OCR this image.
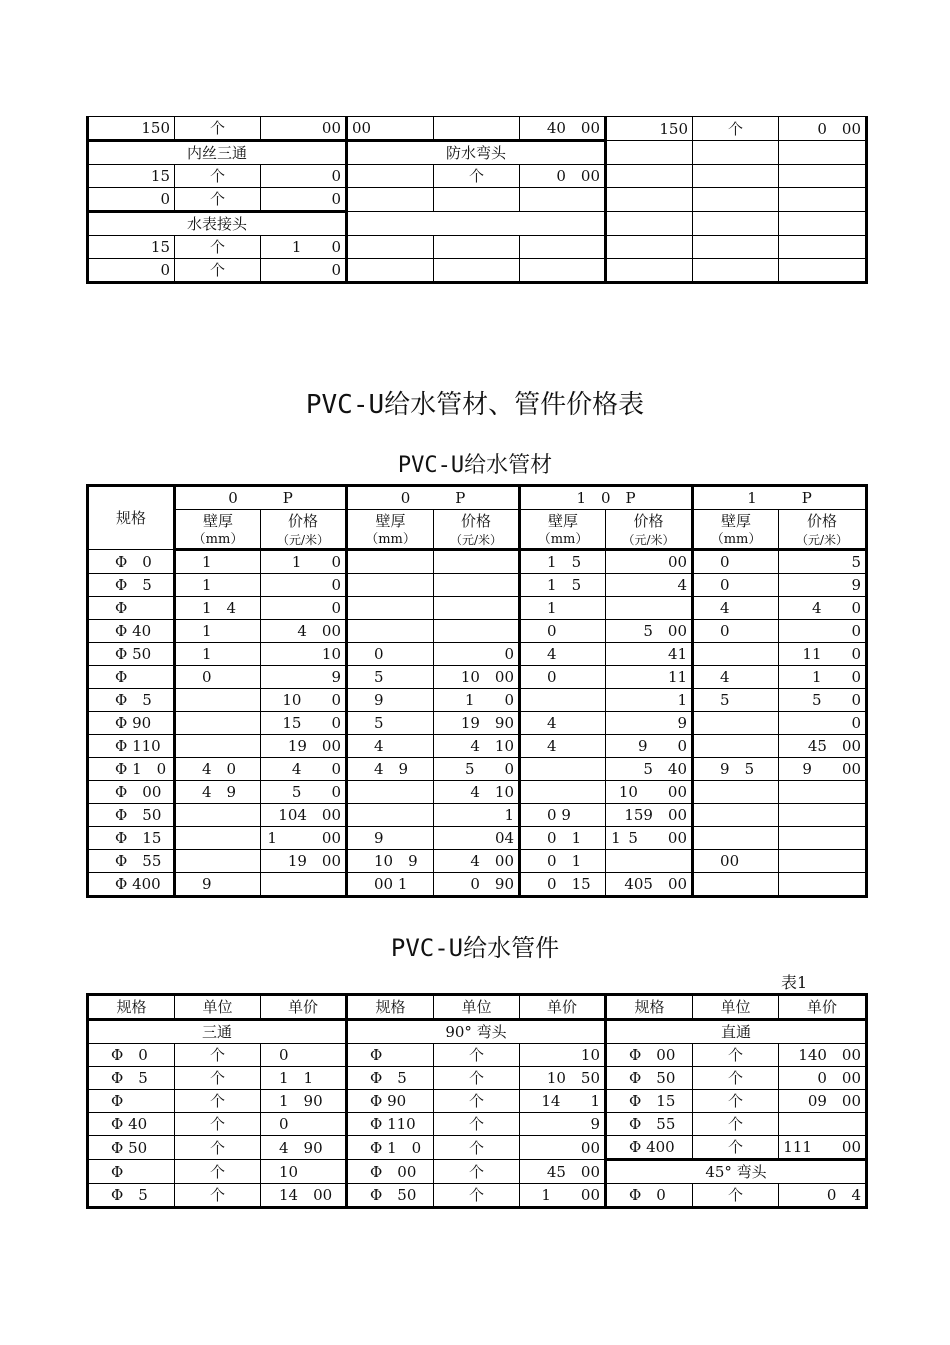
150	个	00	00		40　00	150	个	0　00
内丝三通			防水弯头					
15	个	0		个	0　00			
0	个	0						
水表接头								
15	个	1　　0						
0	个	0						
PVC-U给水管材、管件价格表
PVC-U给水管材
规格	0　　　P		0　　　P		1　0　P		1　　　P	
	壁厚	价格	壁厚	价格	壁厚	价格	壁厚	价格
	（mm）	（元/米）	（mm）	（元/米）	（mm）	（元/米）	（mm）	（元/米）
Φ　0	1	1　　0			1　5	00	0	5
Φ　5	1	0			1　5	4	0	9
Φ	1　4	0			1		4	4　　0
Φ 40	1	4　00			0	5　00	0	0
Φ 50	1	10	0	0	4	41		11　　0
Φ	0	9	5	10　00	0	11	4	1　　0
Φ　5		10　　0	9	1　　0		1	5	5　　0
Φ 90		15　　0	5	19　90	4	9		0
Φ 110		19　00	4	4　10	4	9　　0		45　00
Φ 1　0	4　0	4　　0	4　9	5　　0		5　40	9　5	9　　00
Φ　00	4　9	5　　0		4　10		10　　00		
Φ　50		104　00		1	0 9	159　00		
Φ　15		1　　　00	9	04	0　1　　1	5　　00		
Φ　55		19　00	10　9	4　00	0　1		00	
Φ 400	9		00 1	0　90	0　15	405　00		
PVC-U给水管件
表1
规格	单位	单价	规格	单位	单价	规格	单位	单价
三通			90° 弯头			直通		
Φ　0	个	0	Φ	个	10	Φ　00	个	140　00
Φ　5	个	1　1	Φ　5	个	10　50	Φ　50	个	0　00
Φ	个	1　90	Φ 90	个	14　　1	Φ　15	个	09　00
Φ 40	个	0	Φ 110	个	9	Φ　55	个	
Φ 50	个	4　90	Φ 1　0	个	00	Φ 400	个	111　　00
Φ	个	10	Φ　00	个	45　00	45° 弯头		
Φ　5	个	14　00	Φ　50	个	1　　00	Φ　0	个	0　4
